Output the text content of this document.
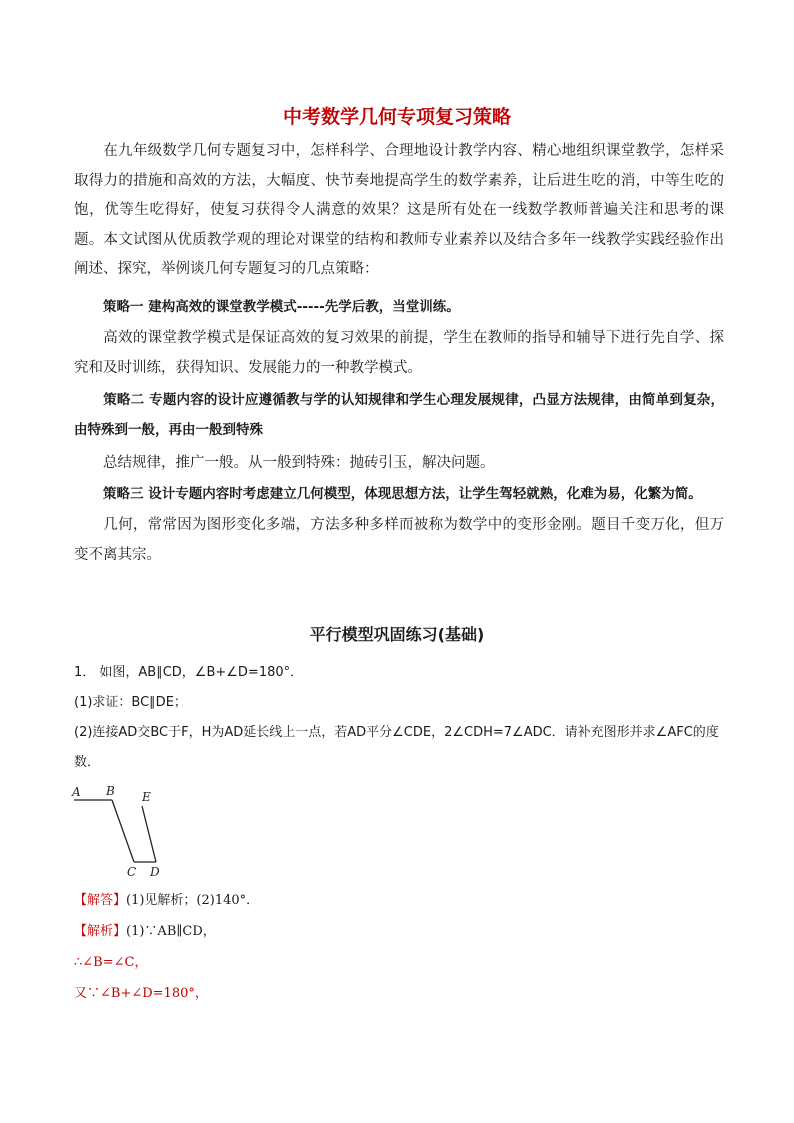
中考数学几何专项复习策略
在九年级数学几何专题复习中，怎样科学、合理地设计教学内容、精心地组织课堂教学，怎样采取得力的措施和高效的方法，大幅度、快节奏地提高学生的数学素养，让后进生吃的消，中等生吃的饱，优等生吃得好，使复习获得令人满意的效果？这是所有处在一线数学教师普遍关注和思考的课题。本文试图从优质教学观的理论对课堂的结构和教师专业素养以及结合多年一线教学实践经验作出阐述、探究，举例谈几何专题复习的几点策略：
策略一 建构高效的课堂教学模式-----先学后教，当堂训练。
高效的课堂教学模式是保证高效的复习效果的前提，学生在教师的指导和辅导下进行先自学、探究和及时训练，获得知识、发展能力的一种教学模式。
策略二 专题内容的设计应遵循教与学的认知规律和学生心理发展规律，凸显方法规律，由简单到复杂，由特殊到一般，再由一般到特殊
总结规律，推广一般。从一般到特殊：抛砖引玉，解决问题。
策略三 设计专题内容时考虑建立几何模型，体现思想方法，让学生驾轻就熟，化难为易，化繁为简。
几何，常常因为图形变化多端，方法多种多样而被称为数学中的变形金刚。题目千变万化，但万变不离其宗。
平行模型巩固练习(基础)
1． 如图，AB∥CD，∠B+∠D=180°．
(1)求证：BC∥DE；
(2)连接AD交BC于F，H为AD延长线上一点，若AD平分∠CDE，2∠CDH=7∠ADC．请补充图形并求∠AFC的度数．
A B E
C D
【解答】(1)见解析；(2)140°．
【解析】(1)∵AB∥CD，
∴∠B=∠C，
又∵∠B+∠D=180°，
